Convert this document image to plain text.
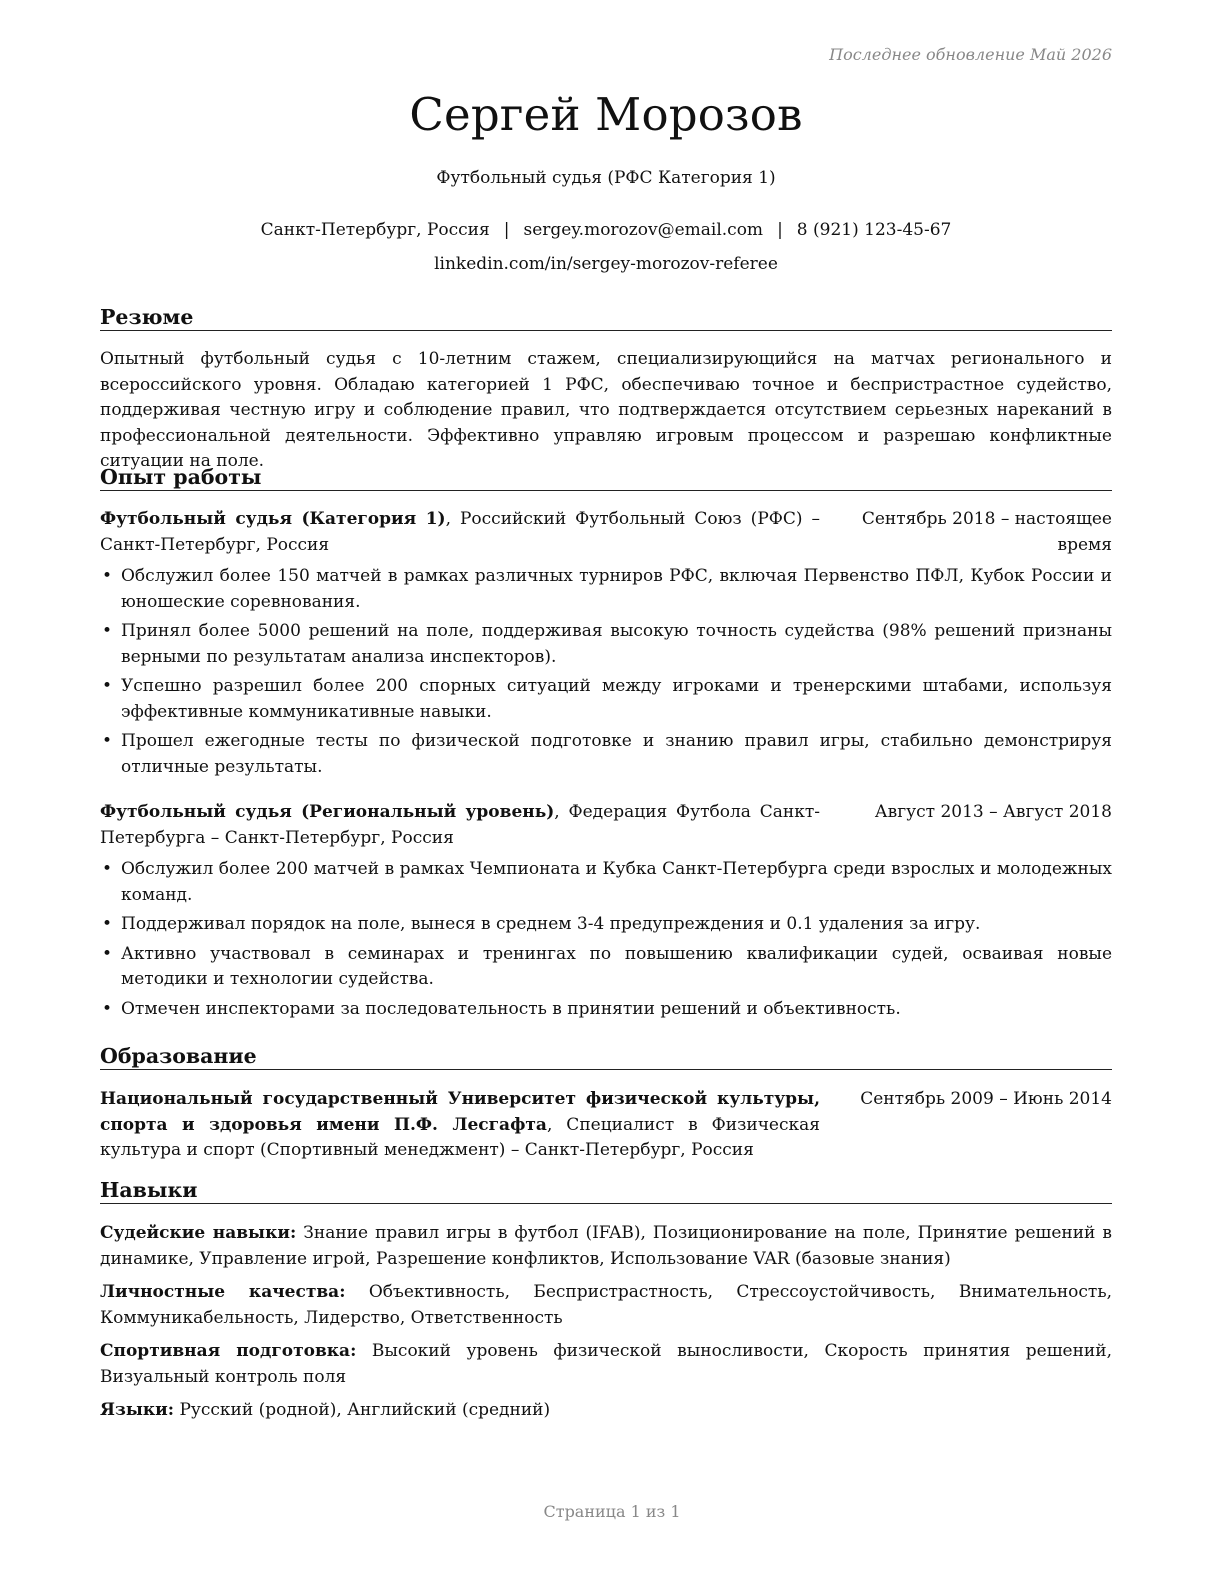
Последнее обновление Май 2026
Сергей Морозов
Футбольный судья (РФС Категория 1)
Санкт-Петербург, Россия | sergey.morozov@email.com | 8 (921) 123-45-67
linkedin.com/in/sergey-morozov-referee
Резюме
Опытный футбольный судья с 10-летним стажем, специализирующийся на матчах регионального и всероссийского уровня. Обладаю категорией 1 РФС, обеспечиваю точное и беспристрастное судейство, поддерживая честную игру и соблюдение правил, что подтверждается отсутствием серьезных нареканий в профессиональной деятельности. Эффективно управляю игровым процессом и разрешаю конфликтные ситуации на поле.
Опыт работы
Футбольный судья (Категория 1), Российский Футбольный Союз (РФС) – Санкт-Петербург, Россия
Сентябрь 2018 – настоящее время
• Обслужил более 150 матчей в рамках различных турниров РФС, включая Первенство ПФЛ, Кубок России и юношеские соревнования.
• Принял более 5000 решений на поле, поддерживая высокую точность судейства (98% решений признаны верными по результатам анализа инспекторов).
• Успешно разрешил более 200 спорных ситуаций между игроками и тренерскими штабами, используя эффективные коммуникативные навыки.
• Прошел ежегодные тесты по физической подготовке и знанию правил игры, стабильно демонстрируя отличные результаты.
Футбольный судья (Региональный уровень), Федерация Футбола Санкт-Петербурга – Санкт-Петербург, Россия
Август 2013 – Август 2018
• Обслужил более 200 матчей в рамках Чемпионата и Кубка Санкт-Петербурга среди взрослых и молодежных команд.
• Поддерживал порядок на поле, вынеся в среднем 3-4 предупреждения и 0.1 удаления за игру.
• Активно участвовал в семинарах и тренингах по повышению квалификации судей, осваивая новые методики и технологии судейства.
• Отмечен инспекторами за последовательность в принятии решений и объективность.
Образование
Национальный государственный Университет физической культуры, спорта и здоровья имени П.Ф. Лесгафта, Специалист в Физическая культура и спорт (Спортивный менеджмент) – Санкт-Петербург, Россия
Сентябрь 2009 – Июнь 2014
Навыки
Судейские навыки: Знание правил игры в футбол (IFAB), Позиционирование на поле, Принятие решений в динамике, Управление игрой, Разрешение конфликтов, Использование VAR (базовые знания)
Личностные качества: Объективность, Беспристрастность, Стрессоустойчивость, Внимательность, Коммуникабельность, Лидерство, Ответственность
Спортивная подготовка: Высокий уровень физической выносливости, Скорость принятия решений, Визуальный контроль поля
Языки: Русский (родной), Английский (средний)
Страница 1 из 1
